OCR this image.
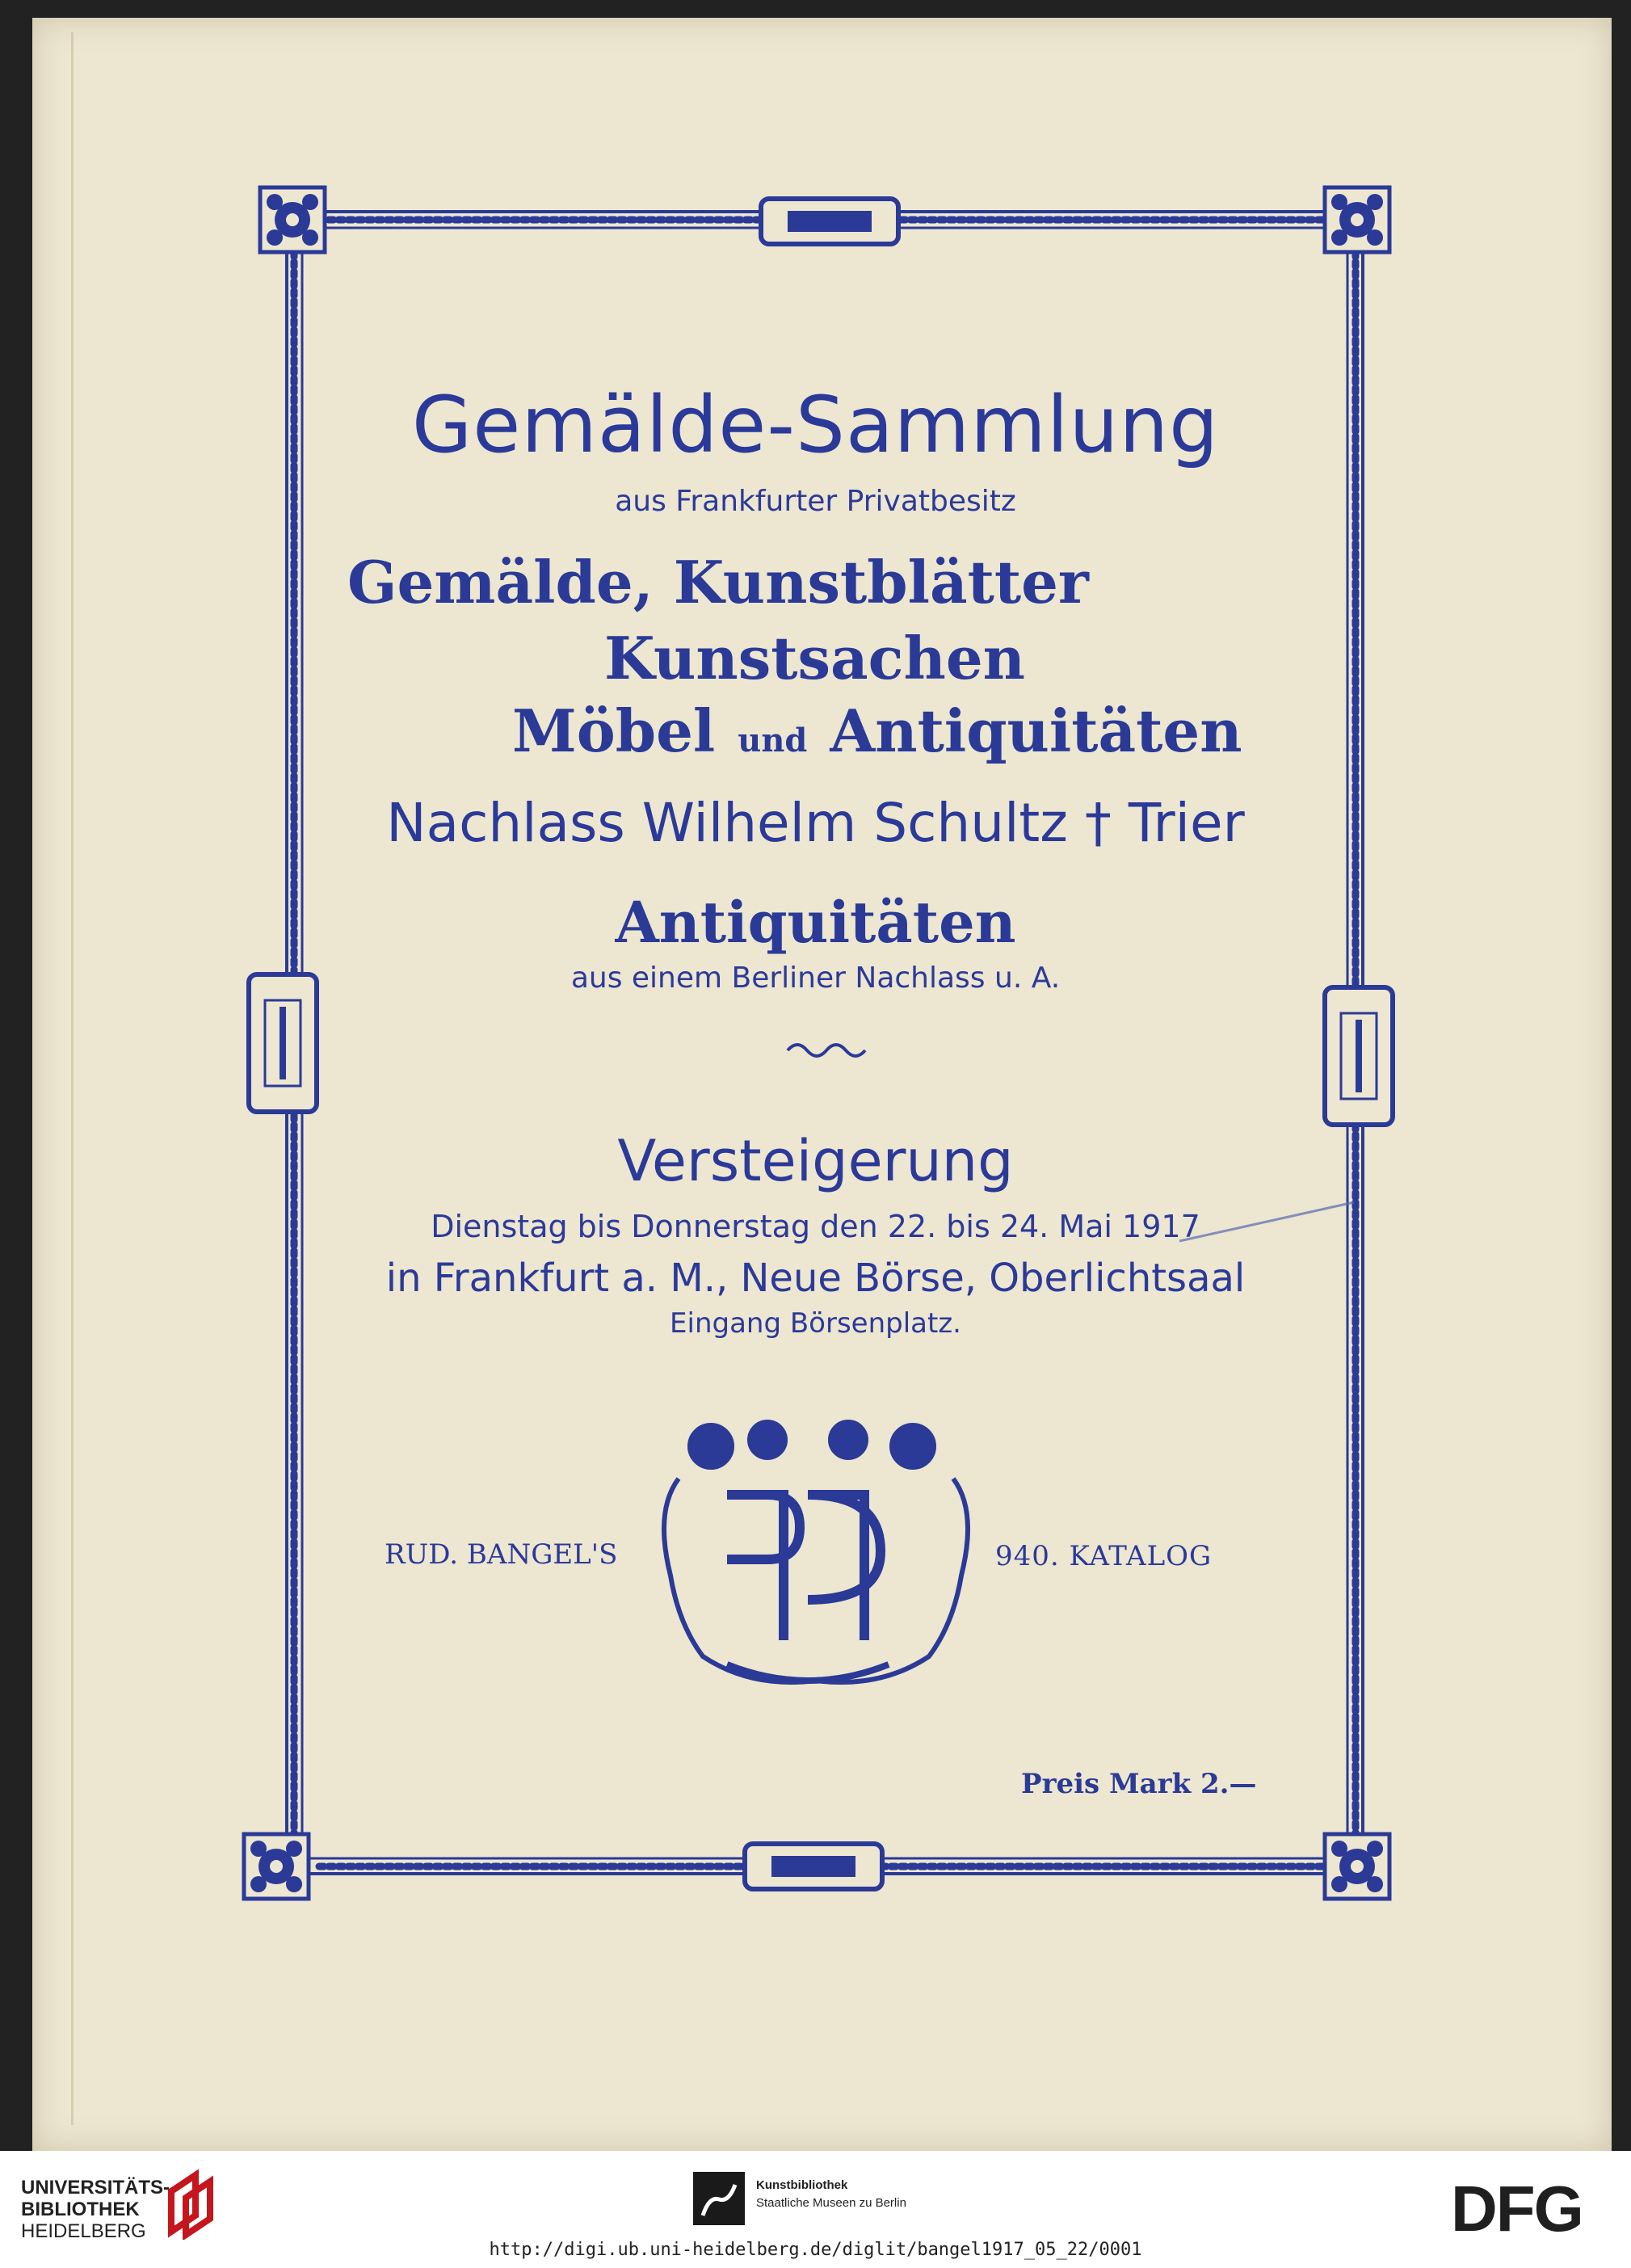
Gemälde-Sammlung
aus Frankfurter Privatbesitz
Gemälde, Kunstblätter
Kunstsachen
Möbel und Antiquitäten
Nachlass Wilhelm Schultz † Trier
Antiquitäten
aus einem Berliner Nachlass u. A.
Versteigerung
Dienstag bis Donnerstag den 22. bis 24. Mai 1917
in Frankfurt a. M., Neue Börse, Oberlichtsaal
Eingang Börsenplatz.
RUD. BANGEL'S	940. KATALOG
Preis Mark 2.—
UNIVERSITÄTS-
BIBLIOTHEK
HEIDELBERG
Kunstbibliothek
Staatliche Museen zu Berlin	DFG
http://digi.ub.uni-heidelberg.de/diglit/bangel1917_05_22/0001
